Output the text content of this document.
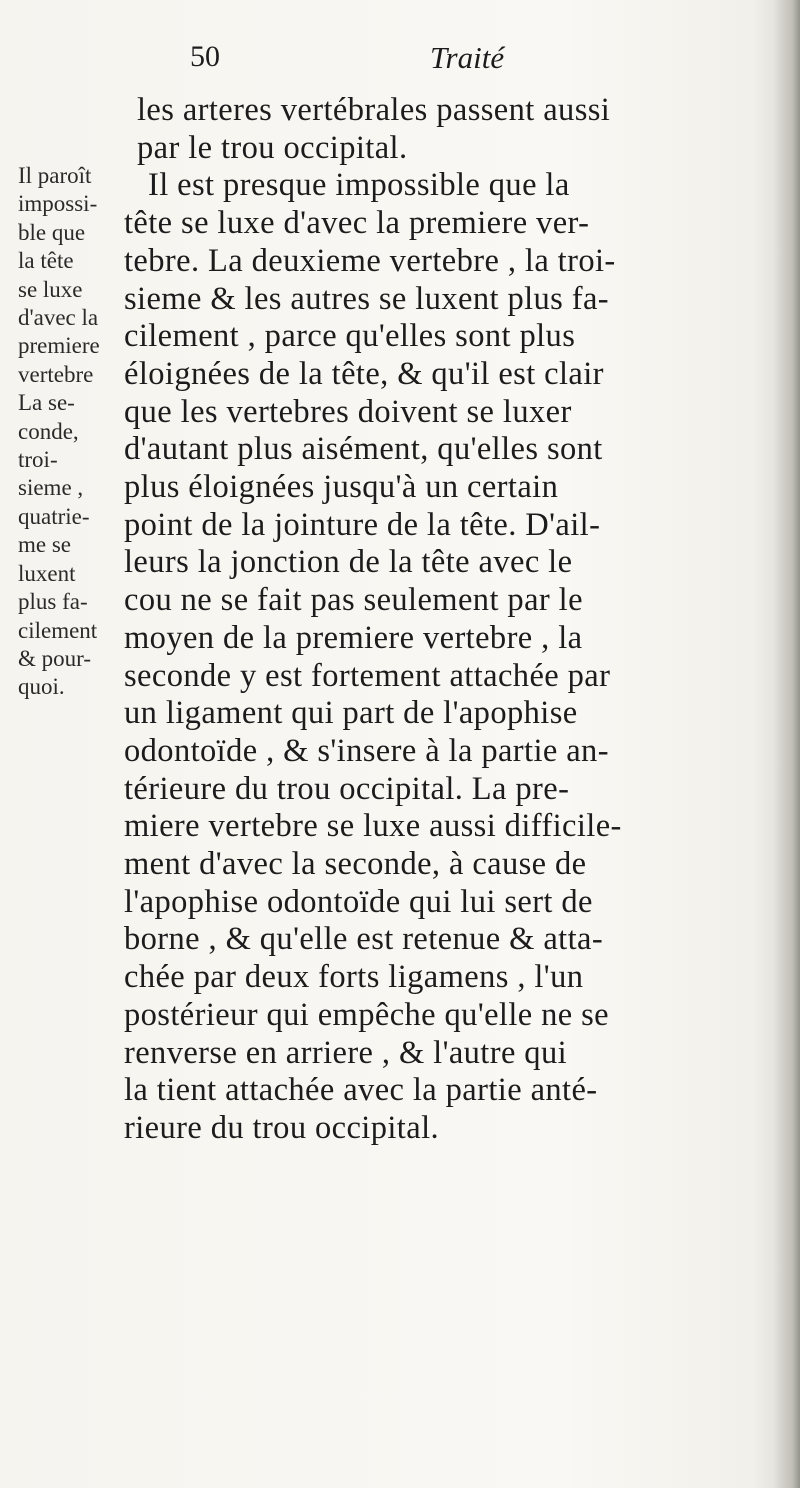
50	Traité
Il paroît
impossi-
ble que
la tête
se luxe
d'avec la
premiere
vertebre
La se-
conde,
troi-
sieme ,
quatrie-
me se
luxent
plus fa-
cilement
& pour-
quoi.
les arteres vertébrales passent aussi
par le trou occipital.
Il est presque impossible que la
tête se luxe d'avec la premiere ver-
tebre. La deuxieme vertebre , la troi-
sieme & les autres se luxent plus fa-
cilement , parce qu'elles sont plus
éloignées de la tête, & qu'il est clair
que les vertebres doivent se luxer
d'autant plus aisément, qu'elles sont
plus éloignées jusqu'à un certain
point de la jointure de la tête. D'ail-
leurs la jonction de la tête avec le
cou ne se fait pas seulement par le
moyen de la premiere vertebre , la
seconde y est fortement attachée par
un ligament qui part de l'apophise
odontoïde , & s'insere à la partie an-
térieure du trou occipital. La pre-
miere vertebre se luxe aussi difficile-
ment d'avec la seconde, à cause de
l'apophise odontoïde qui lui sert de
borne , & qu'elle est retenue & atta-
chée par deux forts ligamens , l'un
postérieur qui empêche qu'elle ne se
renverse en arriere , & l'autre qui
la tient attachée avec la partie anté-
rieure du trou occipital.
